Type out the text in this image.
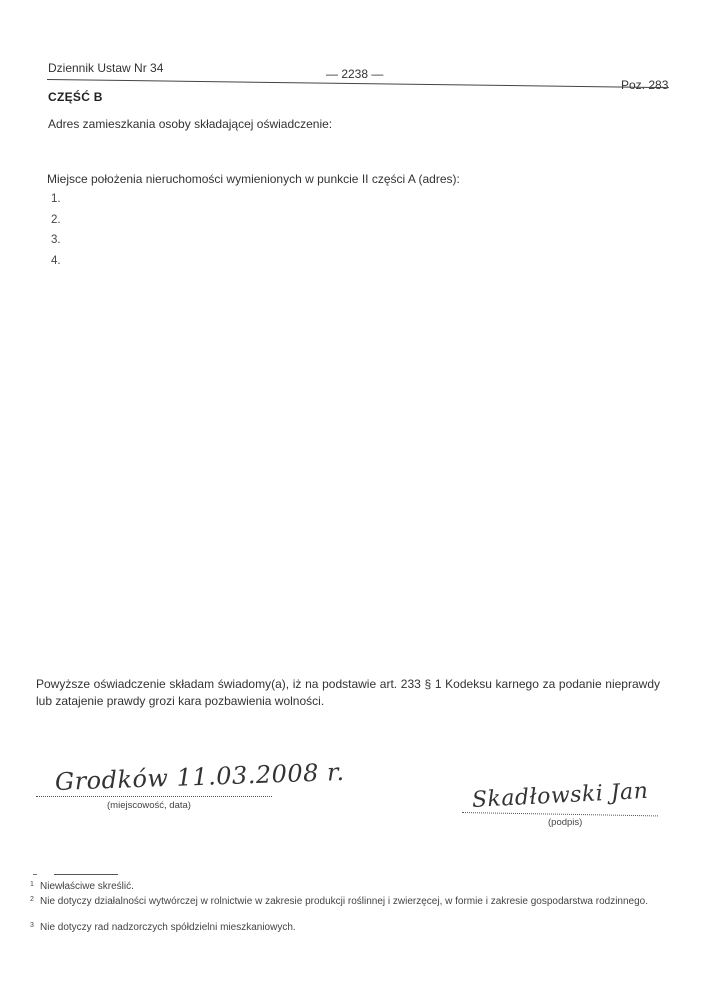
Dziennik Ustaw Nr 34	— 2238 —
Poz. 283
CZĘŚĆ B
Adres zamieszkania osoby składającej oświadczenie:
Miejsce położenia nieruchomości wymienionych w punkcie II części A (adres):
1.
2.
3.
4.
Powyższe oświadczenie składam świadomy(a), iż na podstawie art. 233 § 1 Kodeksu karnego za podanie nieprawdy lub zatajenie prawdy grozi kara pozbawienia wolności.
Grodków 11.03.2008 r.
(miejscowość, data)	Skadłowski Jan
(podpis)
1 Niewłaściwe skreślić.
2 Nie dotyczy działalności wytwórczej w rolnictwie w zakresie produkcji roślinnej i zwierzęcej, w formie i zakresie gospodarstwa rodzinnego.
3 Nie dotyczy rad nadzorczych spółdzielni mieszkaniowych.
